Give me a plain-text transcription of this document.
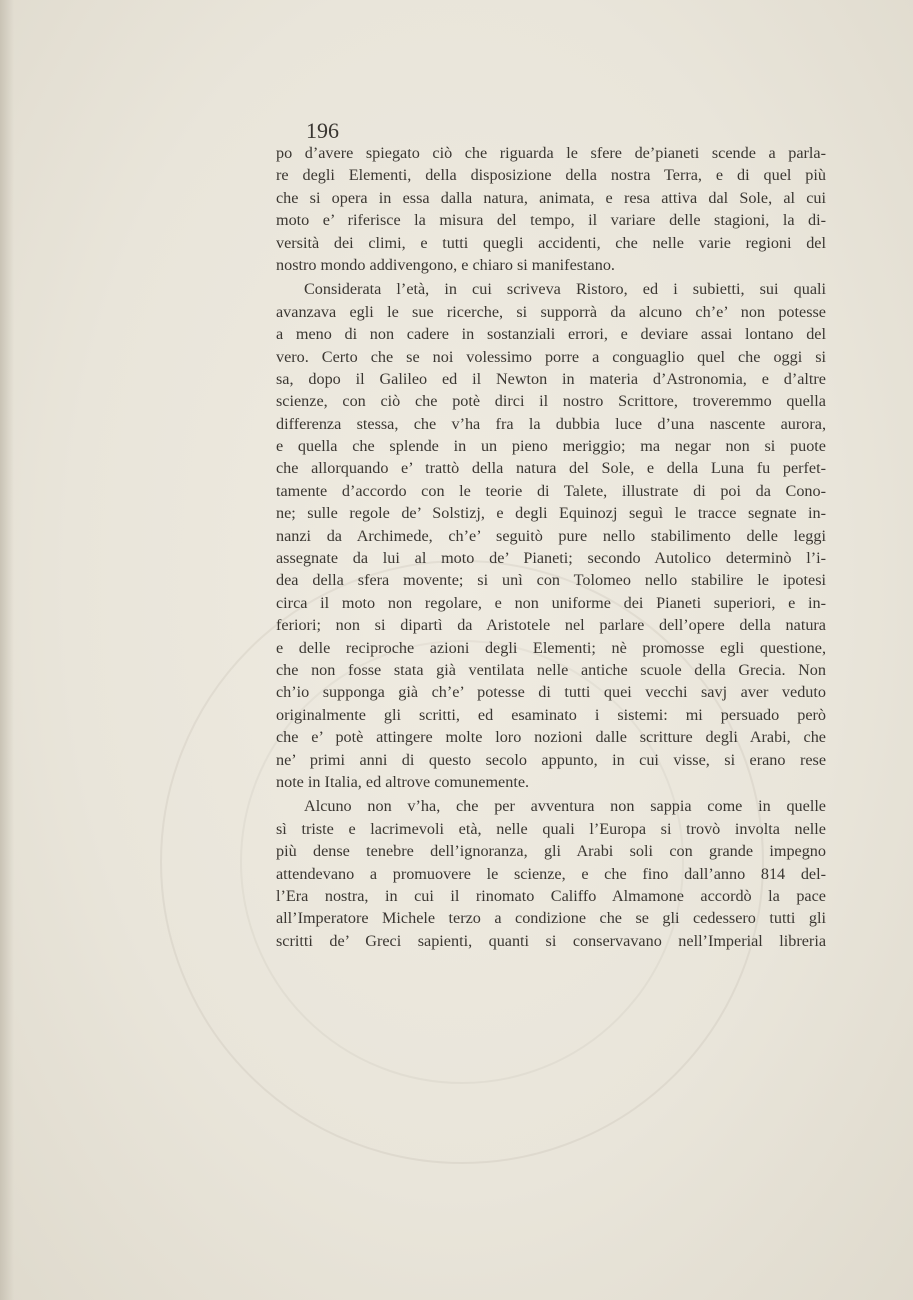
196
po d’avere spiegato ciò che riguarda le sfere de’pianeti scende a parla-
re degli Elementi, della disposizione della nostra Terra, e di quel più
che si opera in essa dalla natura, animata, e resa attiva dal Sole, al cui
moto e’ riferisce la misura del tempo, il variare delle stagioni, la di-
versità dei climi, e tutti quegli accidenti, che nelle varie regioni del
nostro mondo addivengono, e chiaro si manifestano.
Considerata l’età, in cui scriveva Ristoro, ed i subietti, sui quali
avanzava egli le sue ricerche, si supporrà da alcuno ch’e’ non potesse
a meno di non cadere in sostanziali errori, e deviare assai lontano del
vero. Certo che se noi volessimo porre a conguaglio quel che oggi si
sa, dopo il Galileo ed il Newton in materia d’Astronomia, e d’altre
scienze, con ciò che potè dirci il nostro Scrittore, troveremmo quella
differenza stessa, che v’ha fra la dubbia luce d’una nascente aurora,
e quella che splende in un pieno meriggio; ma negar non si puote
che allorquando e’ trattò della natura del Sole, e della Luna fu perfet-
tamente d’accordo con le teorie di Talete, illustrate di poi da Cono-
ne; sulle regole de’ Solstizj, e degli Equinozj seguì le tracce segnate in-
nanzi da Archimede, ch’e’ seguitò pure nello stabilimento delle leggi
assegnate da lui al moto de’ Pianeti; secondo Autolico determinò l’i-
dea della sfera movente; si unì con Tolomeo nello stabilire le ipotesi
circa il moto non regolare, e non uniforme dei Pianeti superiori, e in-
feriori; non si dipartì da Aristotele nel parlare dell’opere della natura
e delle reciproche azioni degli Elementi; nè promosse egli questione,
che non fosse stata già ventilata nelle antiche scuole della Grecia. Non
ch’io supponga già ch’e’ potesse di tutti quei vecchi savj aver veduto
originalmente gli scritti, ed esaminato i sistemi: mi persuado però
che e’ potè attingere molte loro nozioni dalle scritture degli Arabi, che
ne’ primi anni di questo secolo appunto, in cui visse, si erano rese
note in Italia, ed altrove comunemente.
Alcuno non v’ha, che per avventura non sappia come in quelle
sì triste e lacrimevoli età, nelle quali l’Europa si trovò involta nelle
più dense tenebre dell’ignoranza, gli Arabi soli con grande impegno
attendevano a promuovere le scienze, e che fino dall’anno 814 del-
l’Era nostra, in cui il rinomato Califfo Almamone accordò la pace
all’Imperatore Michele terzo a condizione che se gli cedessero tutti gli
scritti de’ Greci sapienti, quanti si conservavano nell’Imperial libreria
